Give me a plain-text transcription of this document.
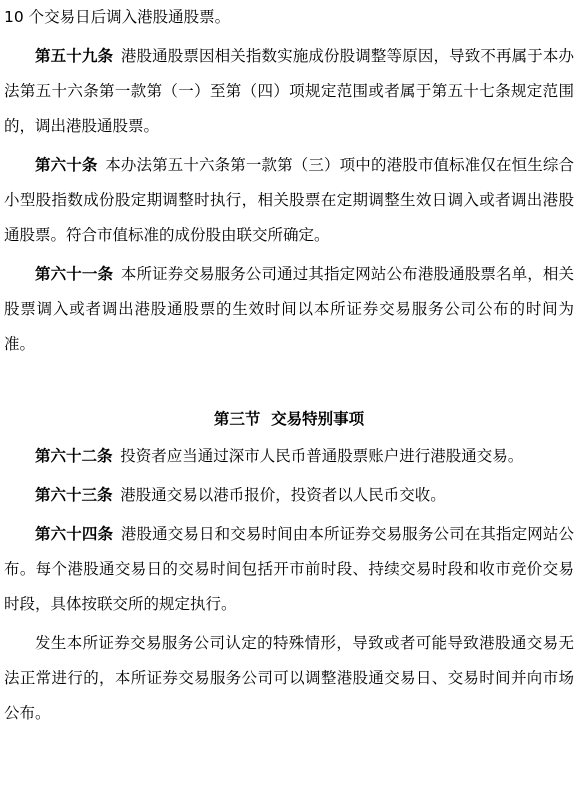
10 个交易日后调入港股通股票。

第五十九条 港股通股票因相关指数实施成份股调整等原因，导致不再属于本办法第五十六条第一款第（一）至第（四）项规定范围或者属于第五十七条规定范围的，调出港股通股票。

第六十条 本办法第五十六条第一款第（三）项中的港股市值标准仅在恒生综合小型股指数成份股定期调整时执行，相关股票在定期调整生效日调入或者调出港股通股票。符合市值标准的成份股由联交所确定。

第六十一条 本所证券交易服务公司通过其指定网站公布港股通股票名单，相关股票调入或者调出港股通股票的生效时间以本所证券交易服务公司公布的时间为准。

第三节  交易特别事项

第六十二条 投资者应当通过深市人民币普通股票账户进行港股通交易。

第六十三条 港股通交易以港币报价，投资者以人民币交收。

第六十四条 港股通交易日和交易时间由本所证券交易服务公司在其指定网站公布。每个港股通交易日的交易时间包括开市前时段、持续交易时段和收市竞价交易时段，具体按联交所的规定执行。

发生本所证券交易服务公司认定的特殊情形，导致或者可能导致港股通交易无法正常进行的，本所证券交易服务公司可以调整港股通交易日、交易时间并向市场公布。
